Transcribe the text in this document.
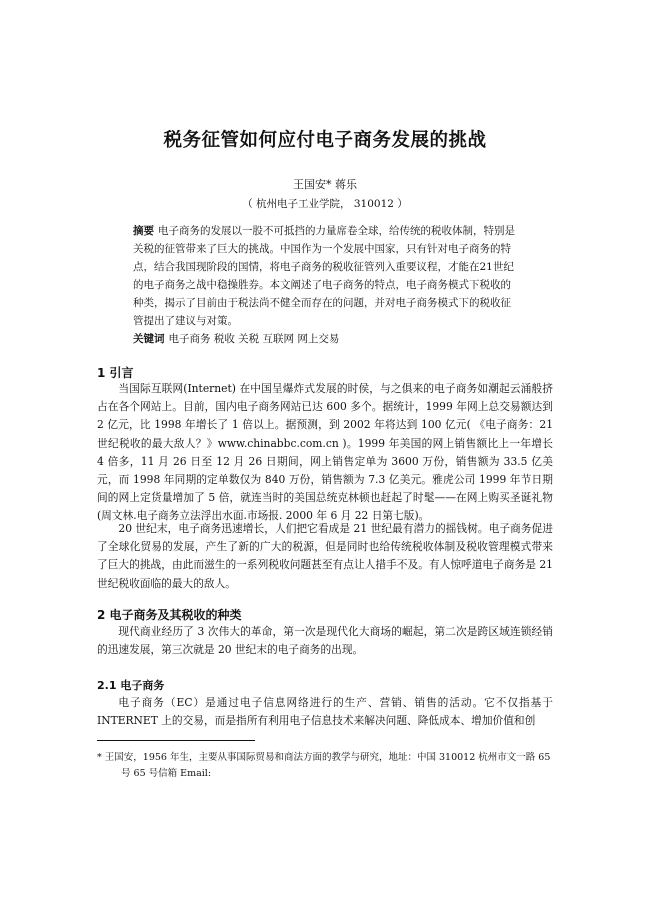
税务征管如何应付电子商务发展的挑战
王国安* 蒋乐
（ 杭州电子工业学院， 310012 ）
摘要 电子商务的发展以一股不可抵挡的力量席卷全球，给传统的税收体制，特别是关税的征管带来了巨大的挑战。中国作为一个发展中国家，只有针对电子商务的特点，结合我国现阶段的国情，将电子商务的税收征管列入重要议程，才能在21世纪的电子商务之战中稳操胜券。本文阐述了电子商务的特点，电子商务模式下税收的种类，揭示了目前由于税法尚不健全而存在的问题，并对电子商务模式下的税收征管提出了建议与对策。
关键词 电子商务 税收 关税 互联网 网上交易
1 引言

当国际互联网(Internet) 在中国呈爆炸式发展的时侯，与之俱来的电子商务如潮起云涌般挤占在各个网站上。目前，国内电子商务网站已达 600 多个。据统计，1999 年网上总交易额达到 2 亿元，比 1998 年增长了 1 倍以上。据预测，到 2002 年将达到 100 亿元( 《电子商务：21 世纪税收的最大敌人？》www.chinabbc.com.cn )。1999 年美国的网上销售额比上一年增长 4 倍多，11 月 26 日至 12 月 26 日期间，网上销售定单为 3600 万份，销售额为 33.5 亿美元，而 1998 年同期的定单数仅为 840 万份，销售额为 7.3 亿美元。雅虎公司 1999 年节日期间的网上定货量增加了 5 倍，就连当时的美国总统克林顿也赶起了时髦——在网上购买圣诞礼物(周文林.电子商务立法浮出水面.市场报. 2000 年 6 月 22 日第七版)。

20 世纪末，电子商务迅速增长，人们把它看成是 21 世纪最有潜力的摇钱树。电子商务促进了全球化贸易的发展，产生了新的广大的税源，但是同时也给传统税收体制及税收管理模式带来了巨大的挑战，由此而滋生的一系列税收问题甚至有点让人措手不及。有人惊呼道电子商务是 21 世纪税收面临的最大的敌人。

2 电子商务及其税收的种类

现代商业经历了 3 次伟大的革命，第一次是现代化大商场的崛起，第二次是跨区域连锁经销的迅速发展，第三次就是 20 世纪末的电子商务的出现。

2.1 电子商务

电子商务（EC）是通过电子信息网络进行的生产、营销、销售的活动。它不仅指基于 INTERNET 上的交易，而是指所有利用电子信息技术来解决问题、降低成本、增加价值和创

* 王国安，1956 年生，主要从事国际贸易和商法方面的教学与研究，地址：中国 310012 杭州市文一路 65
号 65 号信箱 Email:
